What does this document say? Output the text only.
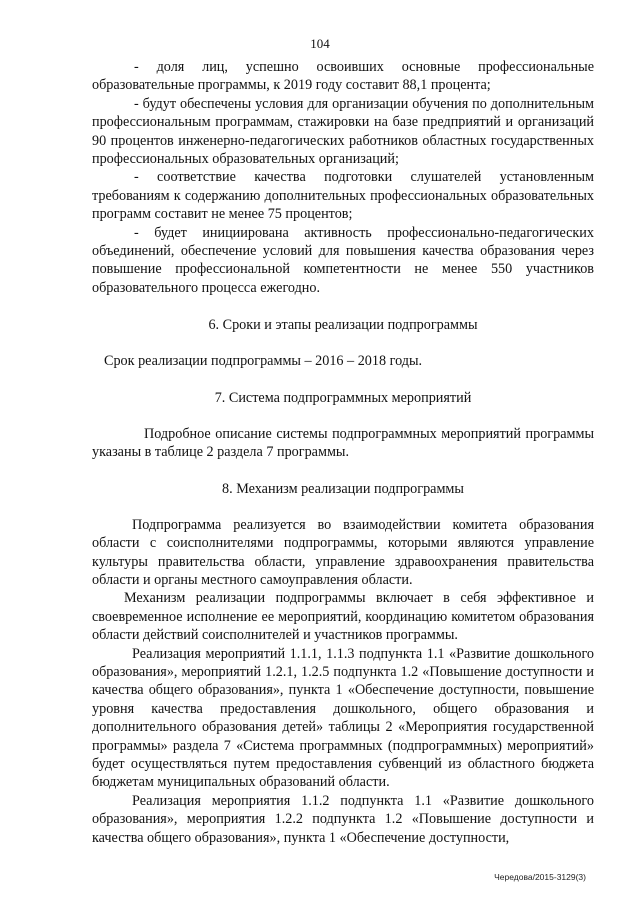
104

- доля лиц, успешно освоивших основные профессиональные образовательные программы, к 2019 году составит 88,1 процента;

- будут обеспечены условия для организации обучения по дополнительным профессиональным программам, стажировки на базе предприятий и организаций 90 процентов инженерно-педагогических работников областных государственных профессиональных образовательных организаций;

- соответствие качества подготовки слушателей установленным требованиям к содержанию дополнительных профессиональных образовательных программ составит не менее 75 процентов;

- будет инициирована активность профессионально-педагогических объединений, обеспечение условий для повышения качества образования через повышение профессиональной компетентности не менее 550 участников образовательного процесса ежегодно.

6. Сроки и этапы реализации подпрограммы

Срок реализации подпрограммы – 2016 – 2018 годы.

7. Система подпрограммных мероприятий

Подробное описание системы подпрограммных мероприятий программы указаны в таблице 2 раздела 7 программы.

8. Механизм реализации подпрограммы

Подпрограмма реализуется во взаимодействии комитета образования области с соисполнителями подпрограммы, которыми являются управление культуры правительства области, управление здравоохранения правительства области и органы местного самоуправления области.

Механизм реализации подпрограммы включает в себя эффективное и своевременное исполнение ее мероприятий, координацию комитетом образования области действий соисполнителей и участников программы.

Реализация мероприятий 1.1.1, 1.1.3 подпункта 1.1 «Развитие дошкольного образования», мероприятий 1.2.1, 1.2.5 подпункта 1.2 «Повышение доступности и качества общего образования», пункта 1 «Обеспечение доступности, повышение уровня качества предоставления дошкольного, общего образования и дополнительного образования детей» таблицы 2 «Мероприятия государственной программы» раздела 7 «Система программных (подпрограммных) мероприятий» будет осуществляться путем предоставления субвенций из областного бюджета бюджетам муниципальных образований области.

Реализация мероприятия 1.1.2 подпункта 1.1 «Развитие дошкольного образования», мероприятия 1.2.2 подпункта 1.2 «Повышение доступности и качества общего образования», пункта 1 «Обеспечение доступности,

Чередова/2015-3129(3)
